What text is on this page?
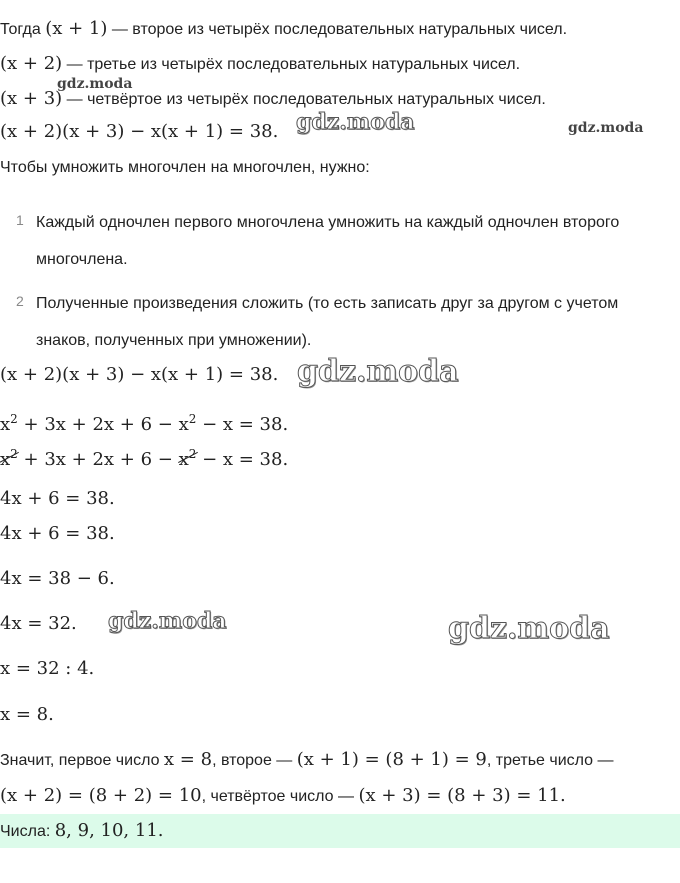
Тогда (x + 1) — второе из четырёх последовательных натуральных чисел.
(x + 2) — третье из четырёх последовательных натуральных чисел.
(x + 3) — четвёртое из четырёх последовательных натуральных чисел.
(x + 2)(x + 3) − x(x + 1) = 38.
Чтобы умножить многочлен на многочлен, нужно:
1 Каждый одночлен первого многочлена умножить на каждый одночлен второго многочлена.
2 Полученные произведения сложить (то есть записать друг за другом с учетом знаков, полученных при умножении).
(x + 2)(x + 3) − x(x + 1) = 38.
$x^2 + 3x + 2x + 6 - x^2 - x = 38$.
$x^2 + 3x + 2x + 6 - x^2 - x = 38$.
4x + 6 = 38.
4x + 6 = 38.
4x = 38 − 6.
4x = 32.
x = 32 : 4.
x = 8.
Значит, первое число x = 8, второе — (x + 1) = (8 + 1) = 9, третье число —
(x + 2) = (8 + 2) = 10, четвёртое число — (x + 3) = (8 + 3) = 11.
Числа: 8, 9, 10, 11.
gdz.moda
gdz.moda	gdz.moda
gdz.moda
gdz.moda	gdz.moda
